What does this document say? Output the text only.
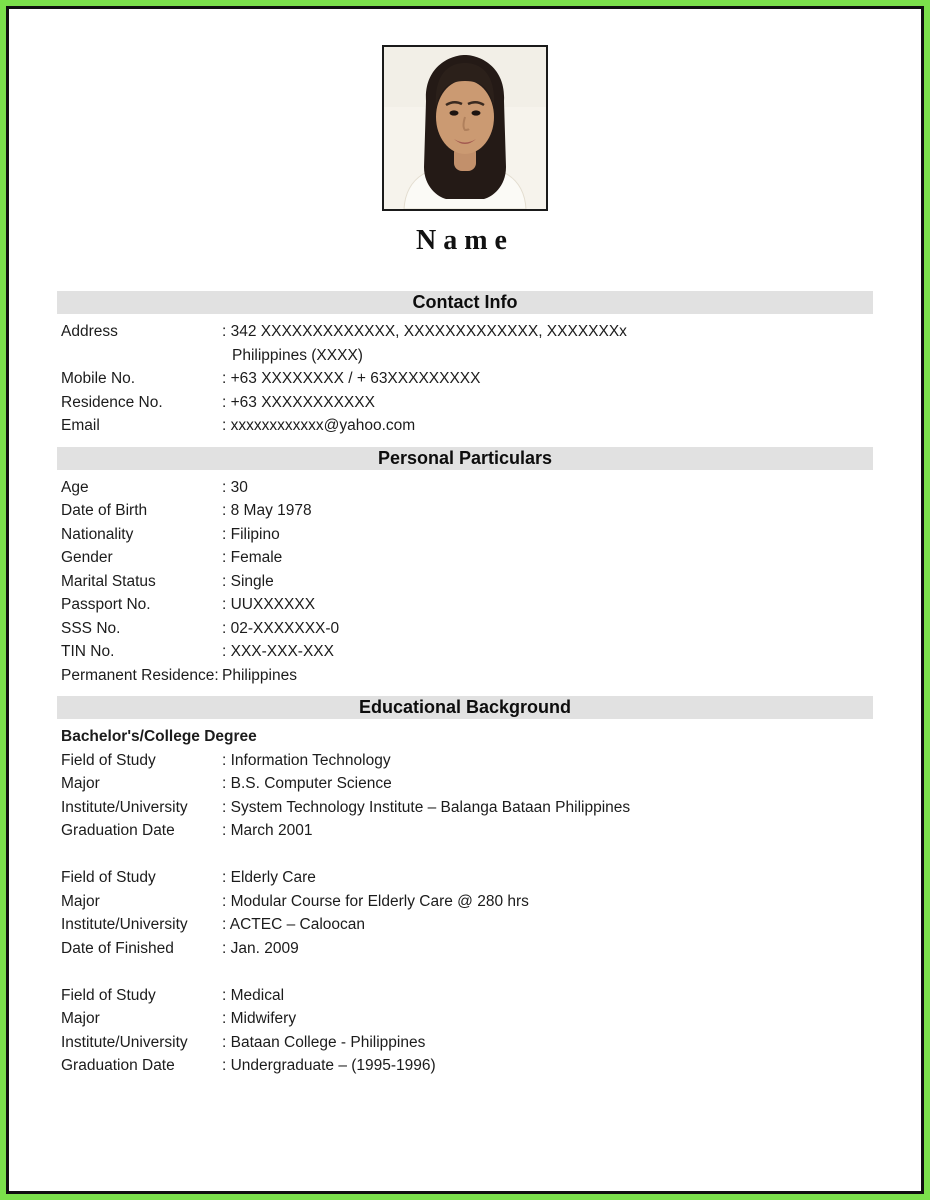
Name
Contact Info
Address	: 342 XXXXXXXXXXXXX, XXXXXXXXXXXXX, XXXXXXXx
Philippines (XXXX)
Mobile No.	: +63 XXXXXXXX / + 63XXXXXXXXX
Residence No.	: +63 XXXXXXXXXXX
Email	: xxxxxxxxxxxx@yahoo.com
Personal Particulars
Age	: 30
Date of Birth	: 8 May 1978
Nationality	: Filipino
Gender	: Female
Marital Status	: Single
Passport No.	: UUXXXXXX
SSS No.	: 02-XXXXXXX-0
TIN No.	: XXX-XXX-XXX
Permanent Residence: Philippines
Educational Background
Bachelor's/College Degree
Field of Study	: Information Technology
Major	: B.S. Computer Science
Institute/University	: System Technology Institute – Balanga Bataan Philippines
Graduation Date	: March 2001
Field of Study	: Elderly Care
Major	: Modular Course for Elderly Care @ 280 hrs
Institute/University	: ACTEC – Caloocan
Date of Finished	: Jan. 2009
Field of Study	: Medical
Major	: Midwifery
Institute/University	: Bataan College - Philippines
Graduation Date	: Undergraduate – (1995-1996)
